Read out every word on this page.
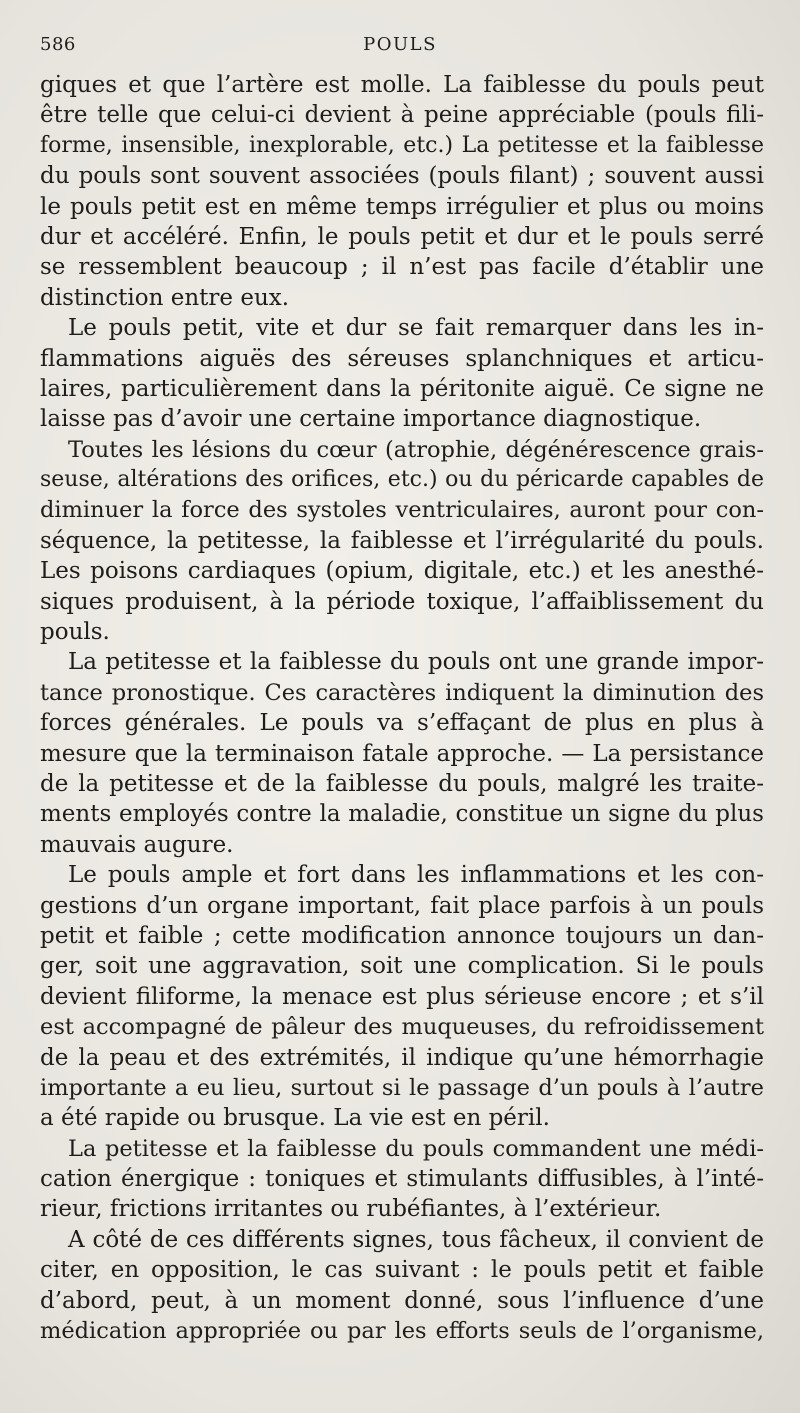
586	POULS
giques et que l’artère est molle. La faiblesse du pouls peut
être telle que celui-ci devient à peine appréciable (pouls fili-
forme, insensible, inexplorable, etc.) La petitesse et la faiblesse
du pouls sont souvent associées (pouls filant) ; souvent aussi
le pouls petit est en même temps irrégulier et plus ou moins
dur et accéléré. Enfin, le pouls petit et dur et le pouls serré
se ressemblent beaucoup ; il n’est pas facile d’établir une
distinction entre eux.
Le pouls petit, vite et dur se fait remarquer dans les in-
flammations aiguës des séreuses splanchniques et articu-
laires, particulièrement dans la péritonite aiguë. Ce signe ne
laisse pas d’avoir une certaine importance diagnostique.
Toutes les lésions du cœur (atrophie, dégénérescence grais-
seuse, altérations des orifices, etc.) ou du péricarde capables de
diminuer la force des systoles ventriculaires, auront pour con-
séquence, la petitesse, la faiblesse et l’irrégularité du pouls.
Les poisons cardiaques (opium, digitale, etc.) et les anesthé-
siques produisent, à la période toxique, l’affaiblissement du
pouls.
La petitesse et la faiblesse du pouls ont une grande impor-
tance pronostique. Ces caractères indiquent la diminution des
forces générales. Le pouls va s’effaçant de plus en plus à
mesure que la terminaison fatale approche. — La persistance
de la petitesse et de la faiblesse du pouls, malgré les traite-
ments employés contre la maladie, constitue un signe du plus
mauvais augure.
Le pouls ample et fort dans les inflammations et les con-
gestions d’un organe important, fait place parfois à un pouls
petit et faible ; cette modification annonce toujours un dan-
ger, soit une aggravation, soit une complication. Si le pouls
devient filiforme, la menace est plus sérieuse encore ; et s’il
est accompagné de pâleur des muqueuses, du refroidissement
de la peau et des extrémités, il indique qu’une hémorrhagie
importante a eu lieu, surtout si le passage d’un pouls à l’autre
a été rapide ou brusque. La vie est en péril.
La petitesse et la faiblesse du pouls commandent une médi-
cation énergique : toniques et stimulants diffusibles, à l’inté-
rieur, frictions irritantes ou rubéfiantes, à l’extérieur.
A côté de ces différents signes, tous fâcheux, il convient de
citer, en opposition, le cas suivant : le pouls petit et faible
d’abord, peut, à un moment donné, sous l’influence d’une
médication appropriée ou par les efforts seuls de l’organisme,
